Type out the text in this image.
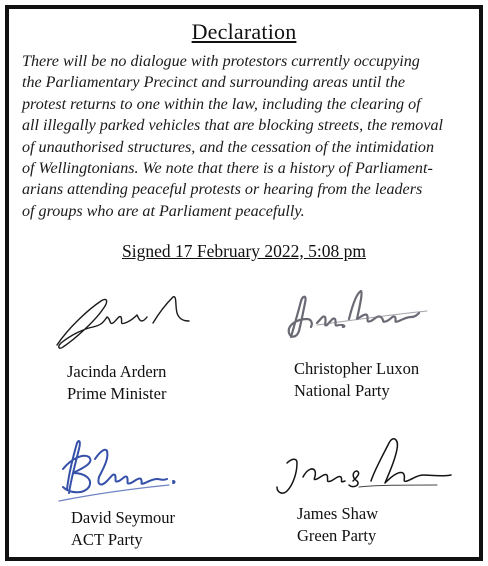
Declaration
There will be no dialogue with protestors currently occupying
the Parliamentary Precinct and surrounding areas until the
protest returns to one within the law, including the clearing of
all illegally parked vehicles that are blocking streets, the removal
of unauthorised structures, and the cessation of the intimidation
of Wellingtonians. We note that there is a history of Parliament-
arians attending peaceful protests or hearing from the leaders
of groups who are at Parliament peacefully.
Signed 17 February 2022, 5:08 pm
Jacinda Ardern
Prime Minister
Christopher Luxon
National Party
David Seymour
ACT Party
James Shaw
Green Party
